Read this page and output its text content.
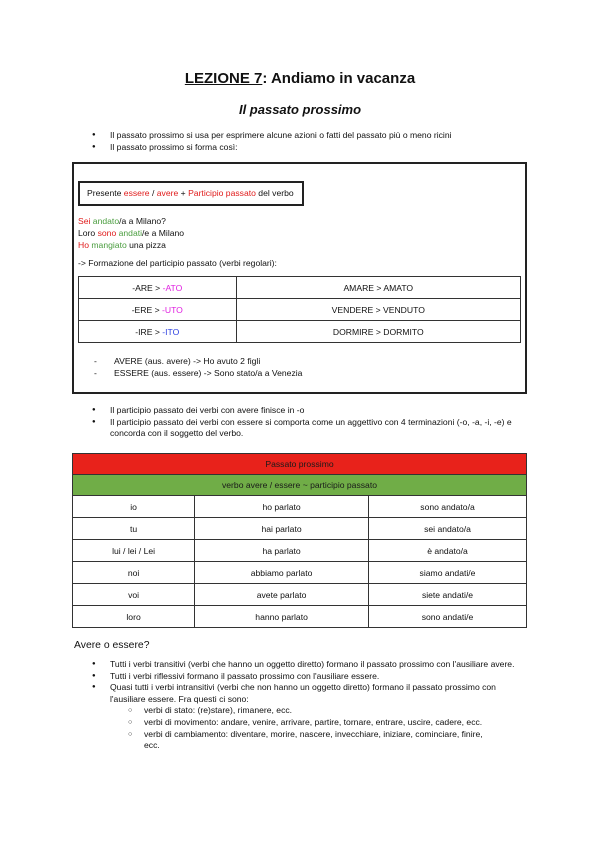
LEZIONE 7: Andiamo in vacanza
Il passato prossimo
● Il passato prossimo si usa per esprimere alcune azioni o fatti del passato più o meno ricini
● Il passato prossimo si forma così:
Presente essere / avere + Participio passato del verbo
Sei andato/a a Milano?
Loro sono andati/e a Milano
Ho mangiato una pizza
-> Formazione del participio passato (verbi regolari):
-ARE > -ATO	AMARE > AMATO
-ERE > -UTO	VENDERE > VENDUTO
-IRE > -ITO	DORMIRE > DORMITO
- AVERE (aus. avere) -> Ho avuto 2 figli
- ESSERE (aus. essere) -> Sono stato/a a Venezia
● Il participio passato dei verbi con avere finisce in -o
● Il participio passato dei verbi con essere si comporta come un aggettivo con 4 terminazioni (-o, -a, -i, -e) e concorda con il soggetto del verbo.
Passato prossimo		
verbo avere / essere ~ participio passato		
io	ho parlato	sono andato/a
tu	hai parlato	sei andato/a
lui / lei / Lei	ha parlato	è andato/a
noi	abbiamo parlato	siamo andati/e
voi	avete parlato	siete andati/e
loro	hanno parlato	sono andati/e
Avere o essere?
● Tutti i verbi transitivi (verbi che hanno un oggetto diretto) formano il passato prossimo con l'ausiliare avere.
● Tutti i verbi riflessivi formano il passato prossimo con l'ausiliare essere.
● Quasi tutti i verbi intransitivi (verbi che non hanno un oggetto diretto) formano il passato prossimo con l'ausiliare essere. Fra questi ci sono:
○ verbi di stato: (re)stare), rimanere, ecc.
○ verbi di movimento: andare, venire, arrivare, partire, tornare, entrare, uscire, cadere, ecc.
○ verbi di cambiamento: diventare, morire, nascere, invecchiare, iniziare, cominciare, finire, ecc.
